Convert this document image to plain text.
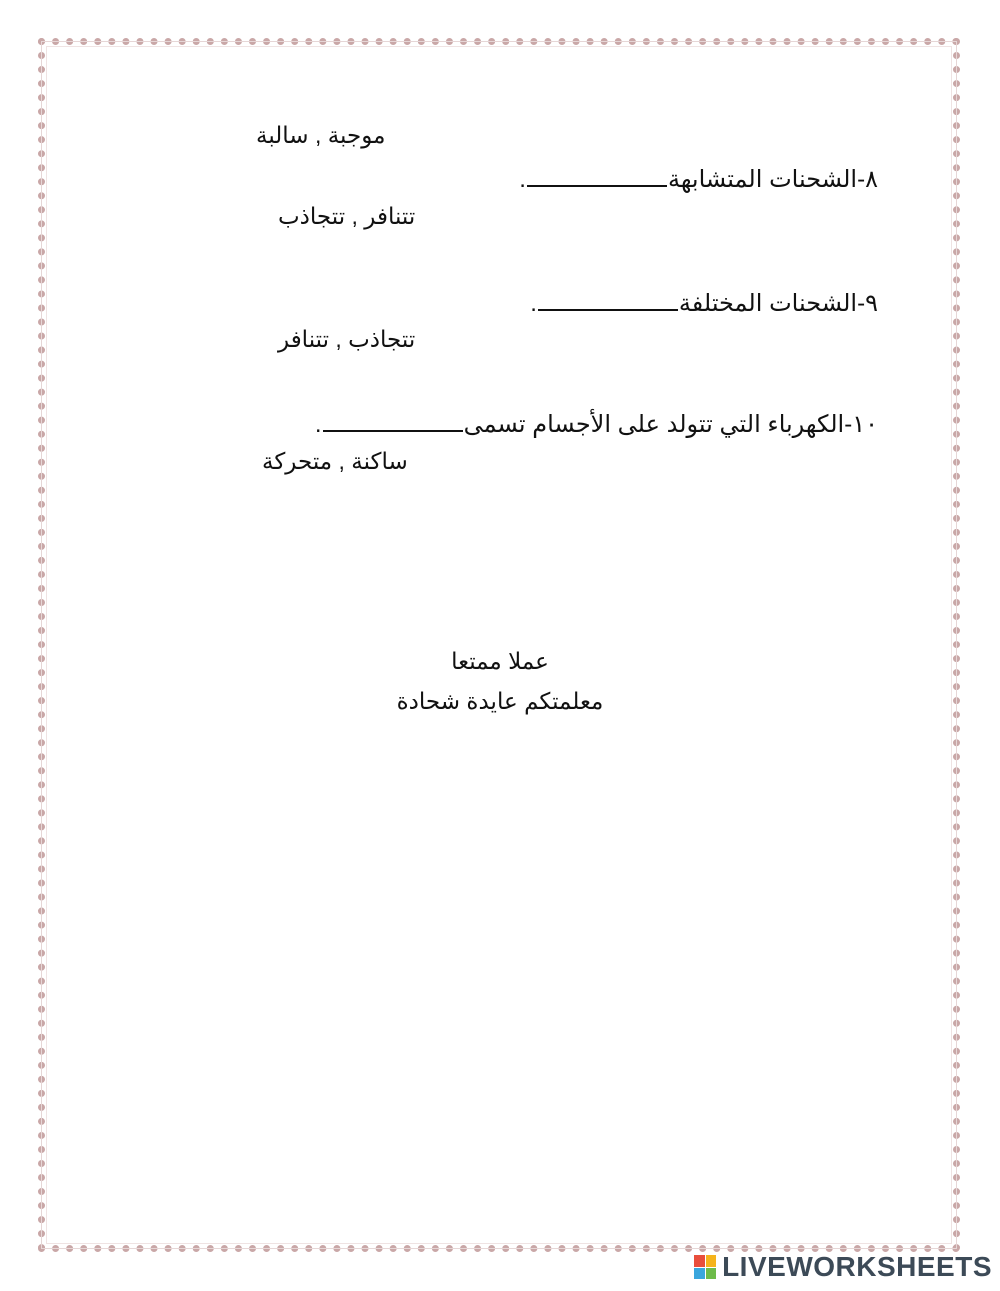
موجبة , سالبة
٨-الشحنات المتشابهة.
تتنافر , تتجاذب
٩-الشحنات المختلفة.
تتجاذب , تتنافر
١٠-الكهرباء التي تتولد على الأجسام تسمى.
ساكنة , متحركة
عملا ممتعا
معلمتكم عايدة شحادة
LIVEWORKSHEETS
